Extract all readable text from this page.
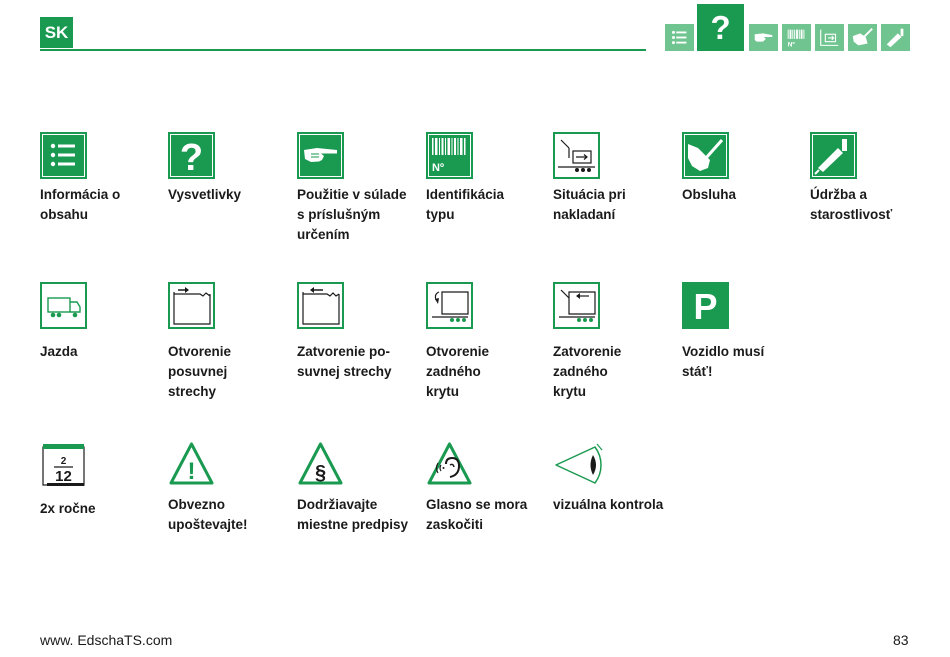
SK	?	Nº
?	Nº
P
2
12	!	§
Informácia o
obsahu
Vysvetlivky	Použitie v súlade
s príslušným
určením
Identifikácia
typu
Situácia pri
nakladaní
Obsluha	Údržba a
starostlivosť
Jazda	Otvorenie
posuvnej
strechy
Zatvorenie po-
suvnej strechy
Otvorenie
zadného
krytu
Zatvorenie
zadného
krytu
Vozidlo musí
stáť!
2x ročne	Obvezno
upoštevajte!
Dodržiavajte
miestne predpisy
Glasno se mora
zaskočiti
vizuálna kontrola
www. EdschaTS.com	83
